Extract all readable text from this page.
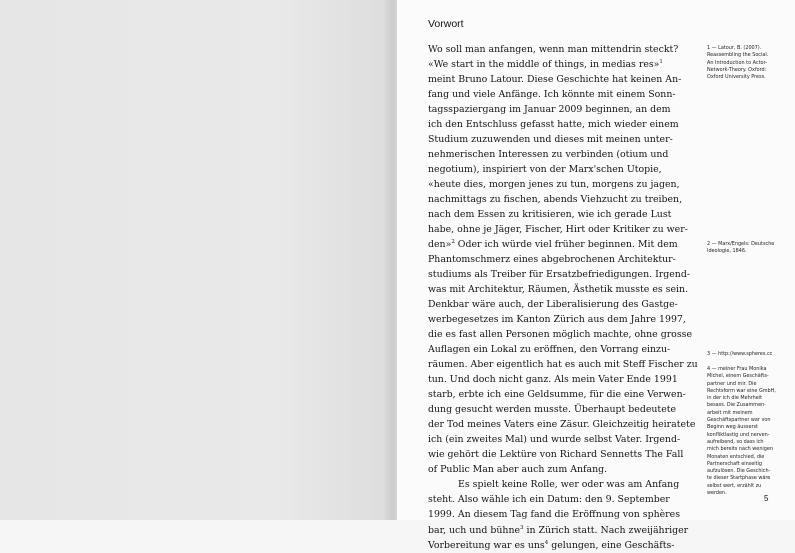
Vorwort
Wo soll man anfangen, wenn man mittendrin steckt?
«We start in the middle of things, in medias res»$^1$
meint Bruno Latour. Diese Geschichte hat keinen An-
fang und viele Anfänge. Ich könnte mit einem Sonn-
tagsspaziergang im Januar 2009 beginnen, an dem
ich den Entschluss gefasst hatte, mich wieder einem
Studium zuzuwenden und dieses mit meinen unter-
nehmerischen Interessen zu verbinden (otium und
negotium), inspiriert von der Marx'schen Utopie,
«heute dies, morgen jenes zu tun, morgens zu jagen,
nachmittags zu fischen, abends Viehzucht zu treiben,
nach dem Essen zu kritisieren, wie ich gerade Lust
habe, ohne je Jäger, Fischer, Hirt oder Kritiker zu wer-
den»$^2$ Oder ich würde viel früher beginnen. Mit dem
Phantomschmerz eines abgebrochenen Architektur-
studiums als Treiber für Ersatzbefriedigungen. Irgend-
was mit Architektur, Räumen, Ästhetik musste es sein.
Denkbar wäre auch, der Liberalisierung des Gastge-
werbegesetzes im Kanton Zürich aus dem Jahre 1997,
die es fast allen Personen möglich machte, ohne grosse
Auflagen ein Lokal zu eröffnen, den Vorrang einzu-
räumen. Aber eigentlich hat es auch mit Steff Fischer zu
tun. Und doch nicht ganz. Als mein Vater Ende 1991
starb, erbte ich eine Geldsumme, für die eine Verwen-
dung gesucht werden musste. Überhaupt bedeutete
der Tod meines Vaters eine Zäsur. Gleichzeitig heiratete
ich (ein zweites Mal) und wurde selbst Vater. Irgend-
wie gehört die Lektüre von Richard Sennetts The Fall
of Public Man aber auch zum Anfang.
Es spielt keine Rolle, wer oder was am Anfang
steht. Also wähle ich ein Datum: den 9. September
1999. An diesem Tag fand die Eröffnung von sphères
bar, uch und bühne$^3$ in Zürich statt. Nach zweijähriger
Vorbereitung war es uns$^4$ gelungen, eine Geschäfts-
1 — Latour, B. (2007).
Reassembling the Social.
An Introduction to Actor-
Network-Theory. Oxford:
Oxford University Press.
2 — Marx/Engels: Deutsche
Ideologie, 1846.
3 — http://www.spheres.cc
4 — meiner Frau Monika
Michel, einem Geschäfts-
partner und mir. Die
Rechtsform war eine GmbH,
in der ich die Mehrheit
besass. Die Zusammen-
arbeit mit meinem
Geschäftspartner war von
Beginn weg äusserst
konfliktlastig und nerven-
aufreibend, so dass ich
mich bereits nach wenigen
Monaten entschied, die
Partnerschaft einseitig
aufzulösen. Die Geschich-
te dieser Startphase wäre
selbst wert, erzählt zu
werden.
5
